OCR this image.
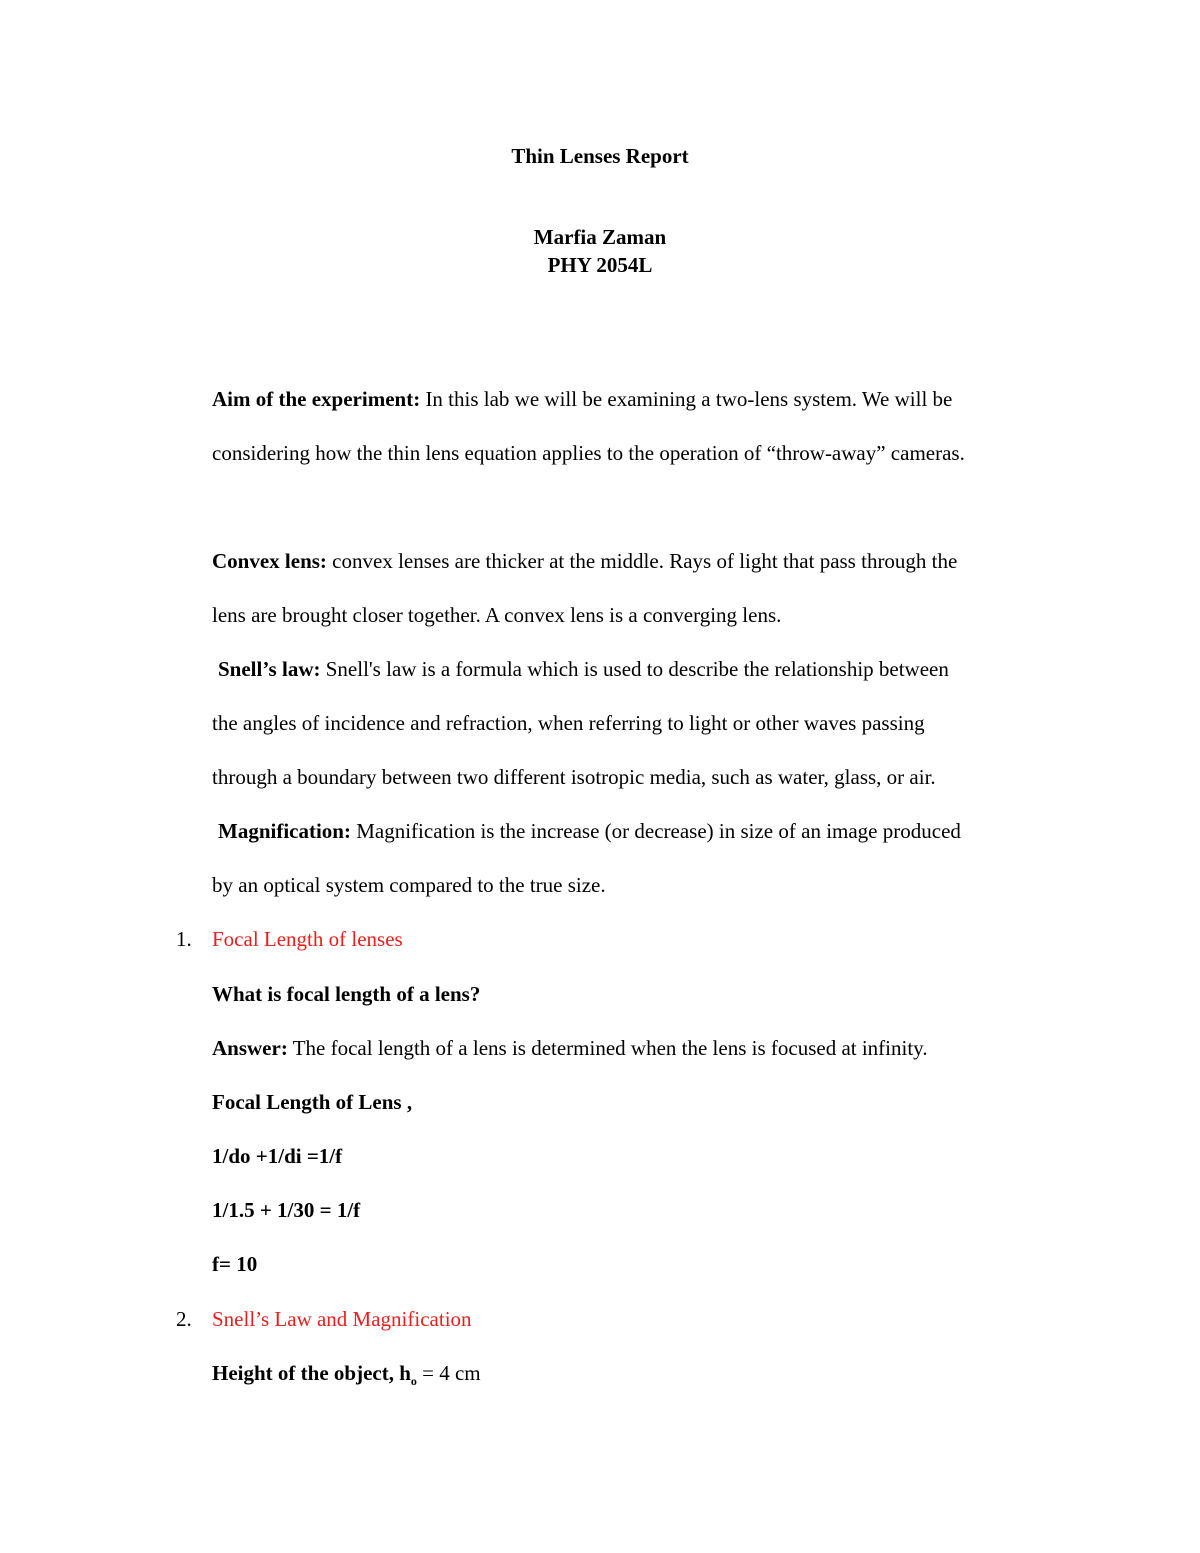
Thin Lenses Report
Marfia Zaman
PHY 2054L
Aim of the experiment: In this lab we will be examining a two-lens system. We will be
considering how the thin lens equation applies to the operation of “throw-away” cameras.
Convex lens: convex lenses are thicker at the middle. Rays of light that pass through the
lens are brought closer together. A convex lens is a converging lens.
Snell’s law: Snell's law is a formula which is used to describe the relationship between
the angles of incidence and refraction, when referring to light or other waves passing
through a boundary between two different isotropic media, such as water, glass, or air.
Magnification: Magnification is the increase (or decrease) in size of an image produced
by an optical system compared to the true size.
1. Focal Length of lenses
What is focal length of a lens?
Answer: The focal length of a lens is determined when the lens is focused at infinity.
Focal Length of Lens ,
1/do +1/di =1/f
1/1.5 + 1/30 = 1/f
f= 10
2. Snell’s Law and Magnification
Height of the object, $h_o = 4$ cm
